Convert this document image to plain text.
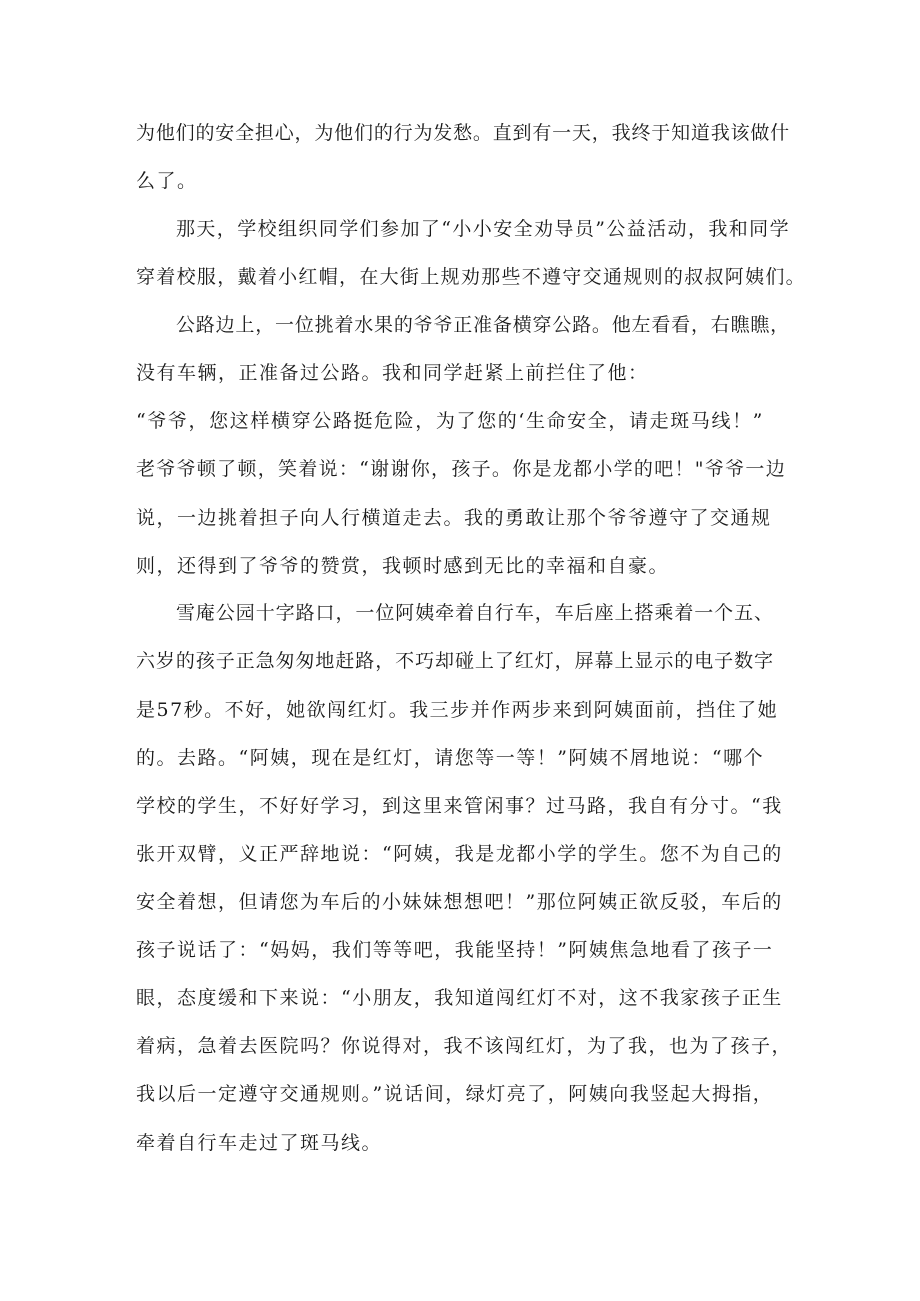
为他们的安全担心，为他们的行为发愁。直到有一天，我终于知道我该做什
么了。
那天，学校组织同学们参加了“小小安全劝导员”公益活动，我和同学
穿着校服，戴着小红帽，在大街上规劝那些不遵守交通规则的叔叔阿姨们。
公路边上，一位挑着水果的爷爷正准备横穿公路。他左看看，右瞧瞧，
没有车辆，正准备过公路。我和同学赶紧上前拦住了他：
“爷爷，您这样横穿公路挺危险，为了您的‘生命安全，请走斑马线！”
老爷爷顿了顿，笑着说：“谢谢你，孩子。你是龙都小学的吧！"爷爷一边
说，一边挑着担子向人行横道走去。我的勇敢让那个爷爷遵守了交通规
则，还得到了爷爷的赞赏，我顿时感到无比的幸福和自豪。
雪庵公园十字路口，一位阿姨牵着自行车，车后座上搭乘着一个五、
六岁的孩子正急匆匆地赶路，不巧却碰上了红灯，屏幕上显示的电子数字
是57秒。不好，她欲闯红灯。我三步并作两步来到阿姨面前，挡住了她
的。去路。“阿姨，现在是红灯，请您等一等！”阿姨不屑地说：“哪个
学校的学生，不好好学习，到这里来管闲事？过马路，我自有分寸。“我
张开双臂，义正严辞地说：“阿姨，我是龙都小学的学生。您不为自己的
安全着想，但请您为车后的小妹妹想想吧！”那位阿姨正欲反驳，车后的
孩子说话了：“妈妈，我们等等吧，我能坚持！”阿姨焦急地看了孩子一
眼，态度缓和下来说：“小朋友，我知道闯红灯不对，这不我家孩子正生
着病，急着去医院吗？你说得对，我不该闯红灯，为了我，也为了孩子，
我以后一定遵守交通规则。”说话间，绿灯亮了，阿姨向我竖起大拇指，
牵着自行车走过了斑马线。
